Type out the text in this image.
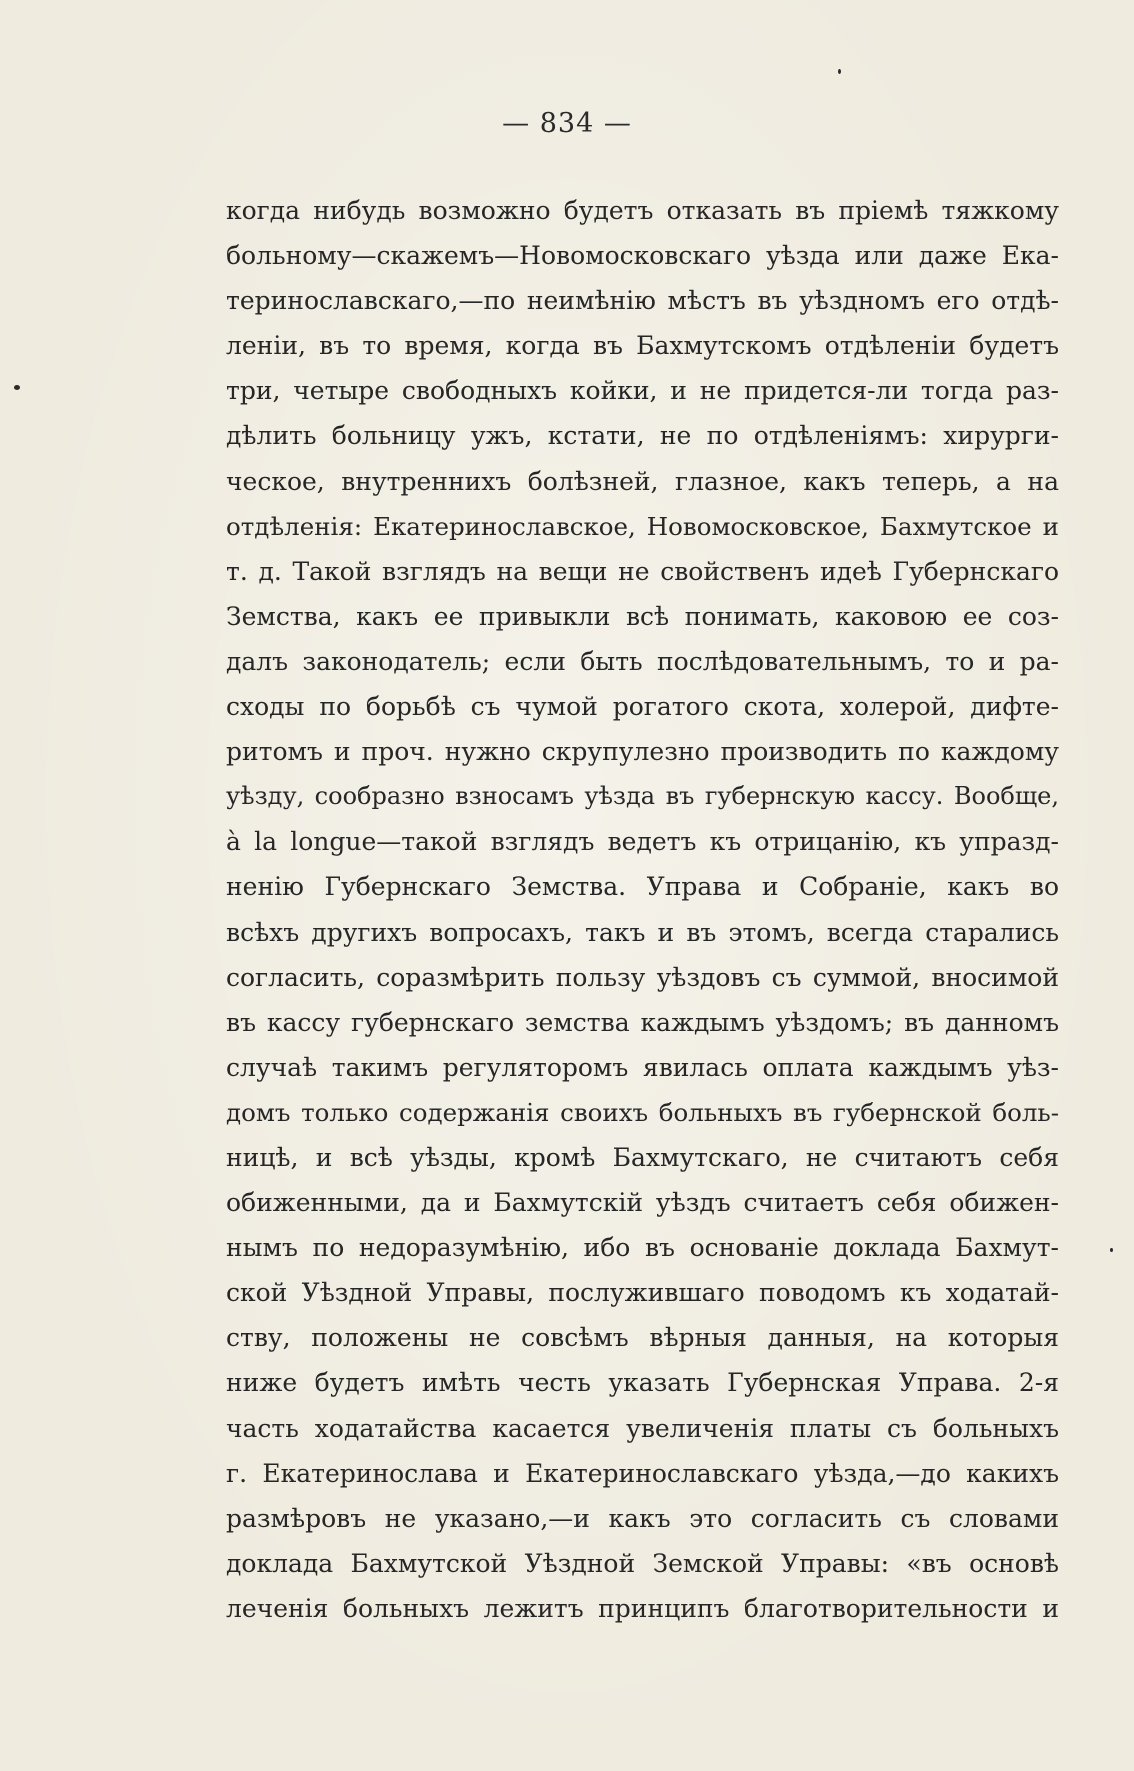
— 834 —
когда нибудь возможно будетъ отказать въ пріемѣ тяжкому
больному—скажемъ—Новомосковскаго уѣзда или даже Ека-
теринославскаго,—по неимѣнію мѣстъ въ уѣздномъ его отдѣ-
леніи, въ то время, когда въ Бахмутскомъ отдѣленіи будетъ
три, четыре свободныхъ койки, и не придется-ли тогда раз-
дѣлить больницу ужъ, кстати, не по отдѣленіямъ: хирурги-
ческое, внутреннихъ болѣзней, глазное, какъ теперь, а на
отдѣленія: Екатеринославское, Новомосковское, Бахмутское и
т. д. Такой взглядъ на вещи не свойственъ идеѣ Губернскаго
Земства, какъ ее привыкли всѣ понимать, каковою ее соз-
далъ законодатель; если быть послѣдовательнымъ, то и ра-
сходы по борьбѣ съ чумой рогатого скота, холерой, дифте-
ритомъ и проч. нужно скрупулезно производить по каждому
уѣзду, сообразно взносамъ уѣзда въ губернскую кассу. Вообще,
à la longue—такой взглядъ ведетъ къ отрицанію, къ упразд-
ненію Губернскаго Земства. Управа и Собраніе, какъ во
всѣхъ другихъ вопросахъ, такъ и въ этомъ, всегда старались
согласить, соразмѣрить пользу уѣздовъ съ суммой, вносимой
въ кассу губернскаго земства каждымъ уѣздомъ; въ данномъ
случаѣ такимъ регуляторомъ явилась оплата каждымъ уѣз-
домъ только содержанія своихъ больныхъ въ губернской боль-
ницѣ, и всѣ уѣзды, кромѣ Бахмутскаго, не считаютъ себя
обиженными, да и Бахмутскій уѣздъ считаетъ себя обижен-
нымъ по недоразумѣнію, ибо въ основаніе доклада Бахмут-
ской Уѣздной Управы, послужившаго поводомъ къ ходатай-
ству, положены не совсѣмъ вѣрныя данныя, на которыя
ниже будетъ имѣть честь указать Губернская Управа. 2-я
часть ходатайства касается увеличенія платы съ больныхъ
г. Екатеринослава и Екатеринославскаго уѣзда,—до какихъ
размѣровъ не указано,—и какъ это согласить съ словами
доклада Бахмутской Уѣздной Земской Управы: «въ основѣ
леченія больныхъ лежитъ принципъ благотворительности и
